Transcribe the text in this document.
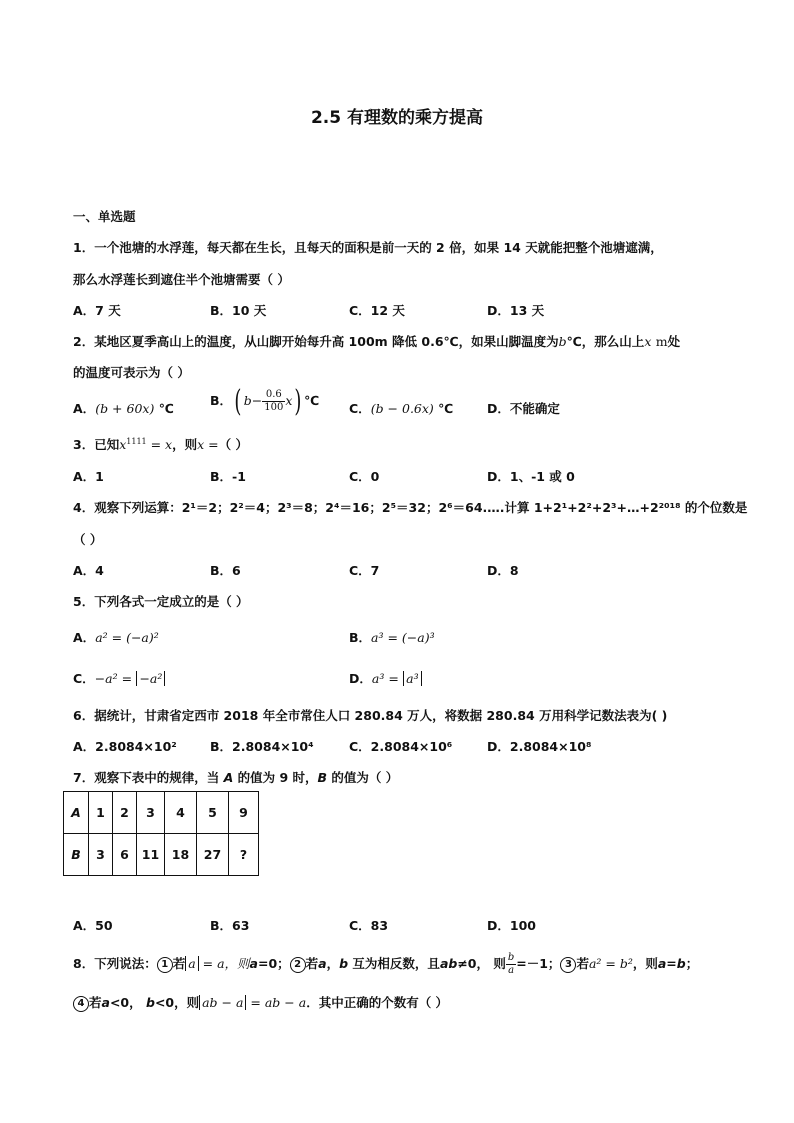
2.5 有理数的乘方提高
一、单选题
1．一个池塘的水浮莲，每天都在生长，且每天的面积是前一天的 2 倍，如果 14 天就能把整个池塘遮满，
那么水浮莲长到遮住半个池塘需要（ ）
A．7 天	B．10 天	C．12 天	D．13 天
2．某地区夏季高山上的温度，从山脚开始每升高 100m 降低 0.6℃，如果山脚温度为b℃，那么山上x m处
的温度可表示为（ ）
A．(b + 60x) ℃
B．( $b- \frac{0.6}{100} x$) ℃
C．(b − 0.6x) ℃	D．不能确定
3．已知$x^{1111} = x$，则x =（ ）
A．1	B．-1	C．0	D．1、-1 或 0
4．观察下列运算：2¹＝2；2²＝4；2³＝8；2⁴＝16；2⁵＝32；2⁶＝64.….计算 1+2¹+2²+2³+…+2²⁰¹⁸ 的个位数是
（ ）
A．4	B．6	C．7	D．8
5．下列各式一定成立的是（ ）
A．a² = (−a)²	B．a³ = (−a)³
C．−a² = −a²	D．a³ = a³
6．据统计，甘肃省定西市 2018 年全市常住人口 280.84 万人，将数据 280.84 万用科学记数法表为( )
A．2.8084×10²	B．2.8084×10⁴	C．2.8084×10⁶	D．2.8084×10⁸
7．观察下表中的规律，当 A 的值为 9 时，B 的值为（ ）
A	1	2	3	4	5	9
B	3	6	11	18	27	?
A．50	B．63	C．83	D．100
8．下列说法： 1 若 a = a，则a=0； 2 若a，b 互为相反数，且ab≠0， 则 $\frac{b}{a} =-1$； 3 若a² = b²，则a=b；
4 若a<0， b<0，则 ab − a = ab − a．其中正确的个数有（ ）
